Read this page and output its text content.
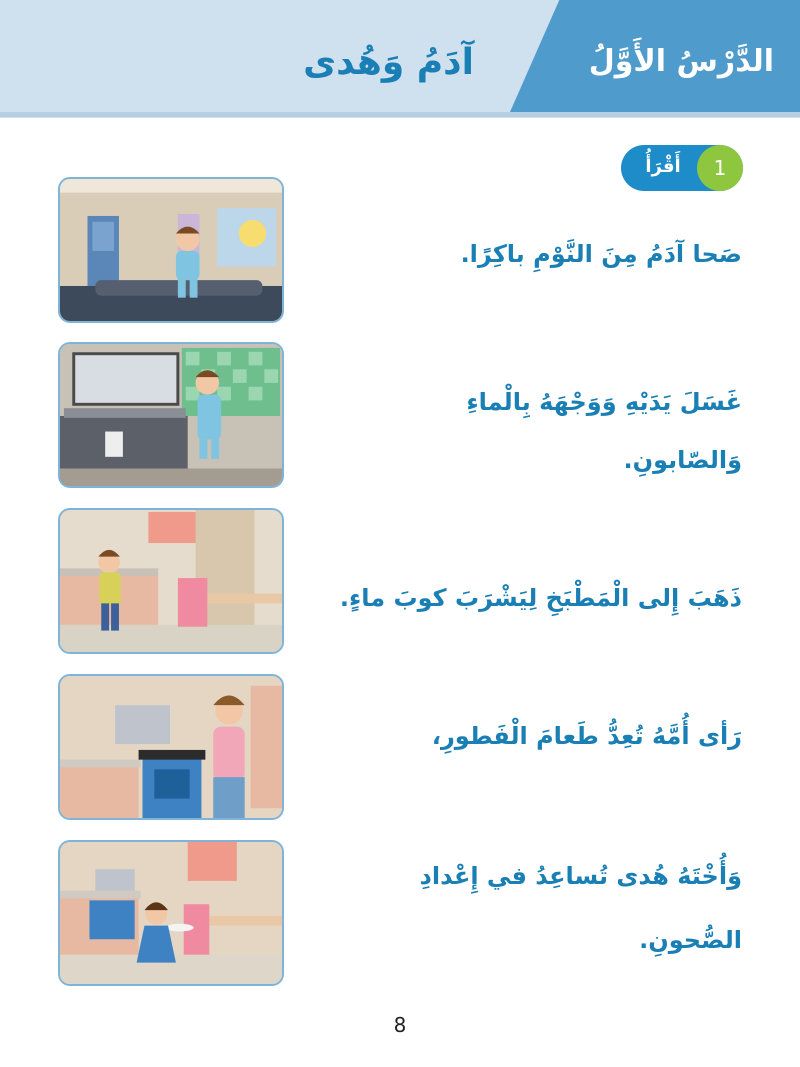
الدَّرْسُ الأَوَّلُ
آدَمُ وَهُدى
أَقْرَأُ	1
صَحا آدَمُ مِنَ النَّوْمِ باكِرًا.
غَسَلَ يَدَيْهِ وَوَجْهَهُ بِالْماءِ
وَالصّابونِ.
ذَهَبَ إِلى الْمَطْبَخِ لِيَشْرَبَ كوبَ ماءٍ.
رَأى أُمَّهُ تُعِدُّ طَعامَ الْفَطورِ،
وَأُخْتَهُ هُدى تُساعِدُ في إِعْدادِ
الصُّحونِ.
8
